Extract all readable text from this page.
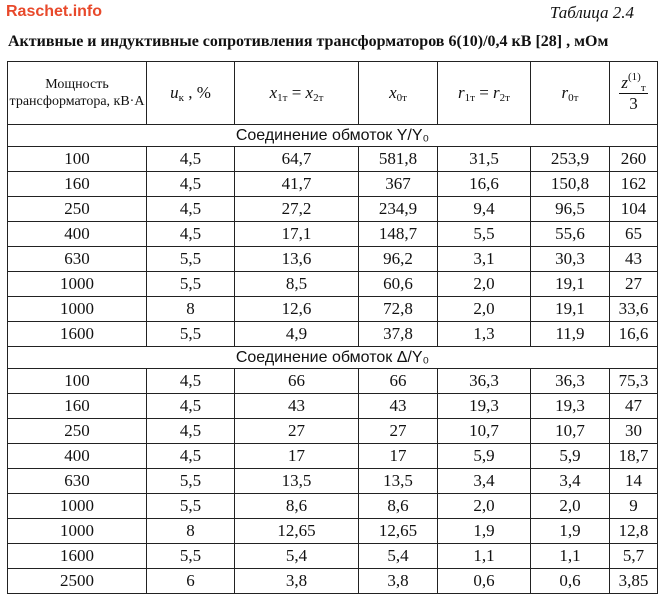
Raschet.info	Таблица 2.4
Активные и индуктивные сопротивления трансформаторов 6(10)/0,4 кВ [28] , мОм
Мощность трансформатора, кВ·А	$u_к$ , %	$x_{1т} = x_{2т}$	$x_{0т}$	$r_{1т} = r_{2т}$	$r_{0т}$	$\frac{z^{(1)}_т}{3}$

Соединение обмоток Y/Y₀						
100	4,5	64,7	581,8	31,5	253,9	260
160	4,5	41,7	367	16,6	150,8	162
250	4,5	27,2	234,9	9,4	96,5	104
400	4,5	17,1	148,7	5,5	55,6	65
630	5,5	13,6	96,2	3,1	30,3	43
1000	5,5	8,5	60,6	2,0	19,1	27
1000	8	12,6	72,8	2,0	19,1	33,6
1600	5,5	4,9	37,8	1,3	11,9	16,6
Соединение обмоток Δ/Y₀						
100	4,5	66	66	36,3	36,3	75,3
160	4,5	43	43	19,3	19,3	47
250	4,5	27	27	10,7	10,7	30
400	4,5	17	17	5,9	5,9	18,7
630	5,5	13,5	13,5	3,4	3,4	14
1000	5,5	8,6	8,6	2,0	2,0	9
1000	8	12,65	12,65	1,9	1,9	12,8
1600	5,5	5,4	5,4	1,1	1,1	5,7
2500	6	3,8	3,8	0,6	0,6	3,85
